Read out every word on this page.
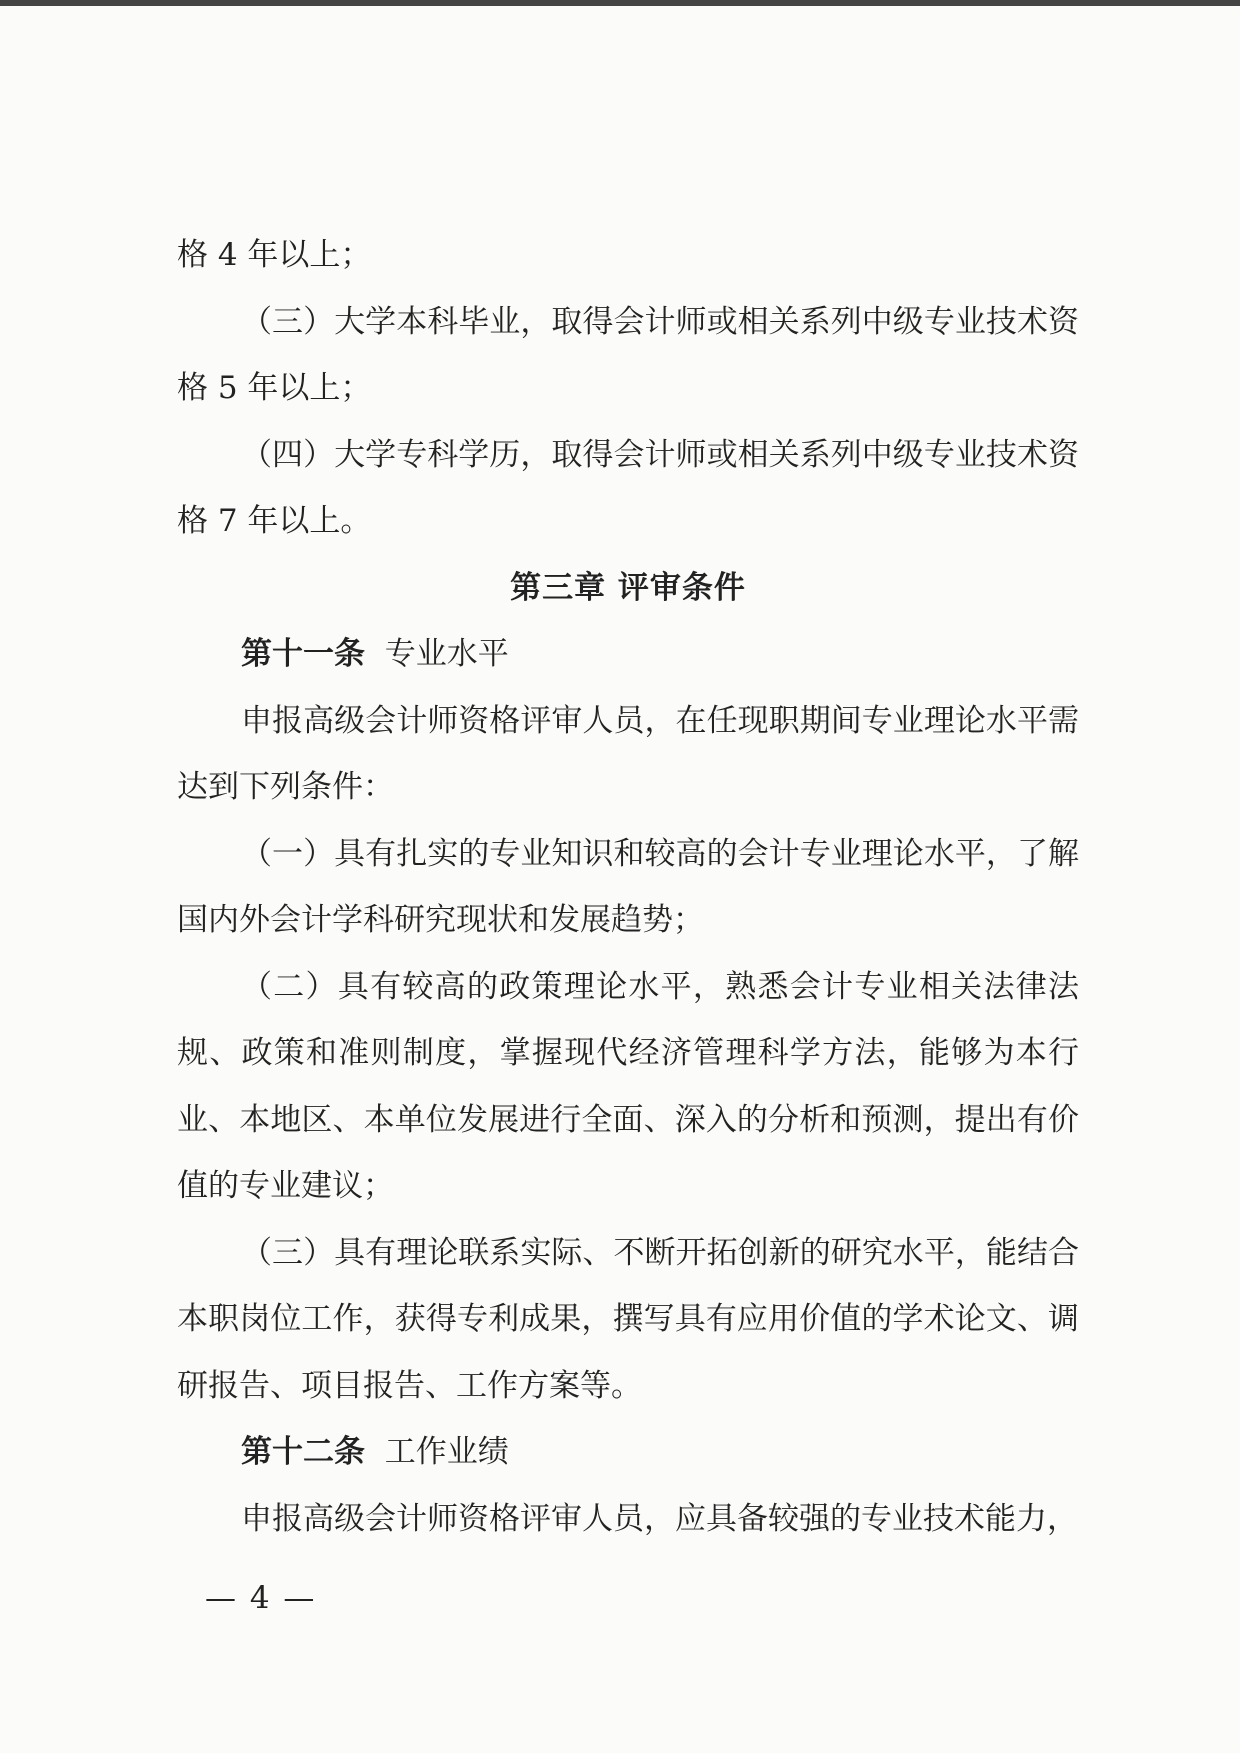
格 4 年以上；

（三）大学本科毕业，取得会计师或相关系列中级专业技术资格 5 年以上；

（四）大学专科学历，取得会计师或相关系列中级专业技术资格 7 年以上。

第三章 评审条件

第十一条 专业水平

申报高级会计师资格评审人员，在任现职期间专业理论水平需达到下列条件：

（一）具有扎实的专业知识和较高的会计专业理论水平，了解国内外会计学科研究现状和发展趋势；

（二）具有较高的政策理论水平，熟悉会计专业相关法律法规、政策和准则制度，掌握现代经济管理科学方法，能够为本行业、本地区、本单位发展进行全面、深入的分析和预测，提出有价值的专业建议；

（三）具有理论联系实际、不断开拓创新的研究水平，能结合本职岗位工作，获得专利成果，撰写具有应用价值的学术论文、调研报告、项目报告、工作方案等。

第十二条 工作业绩

申报高级会计师资格评审人员，应具备较强的专业技术能力，

— 4 —
